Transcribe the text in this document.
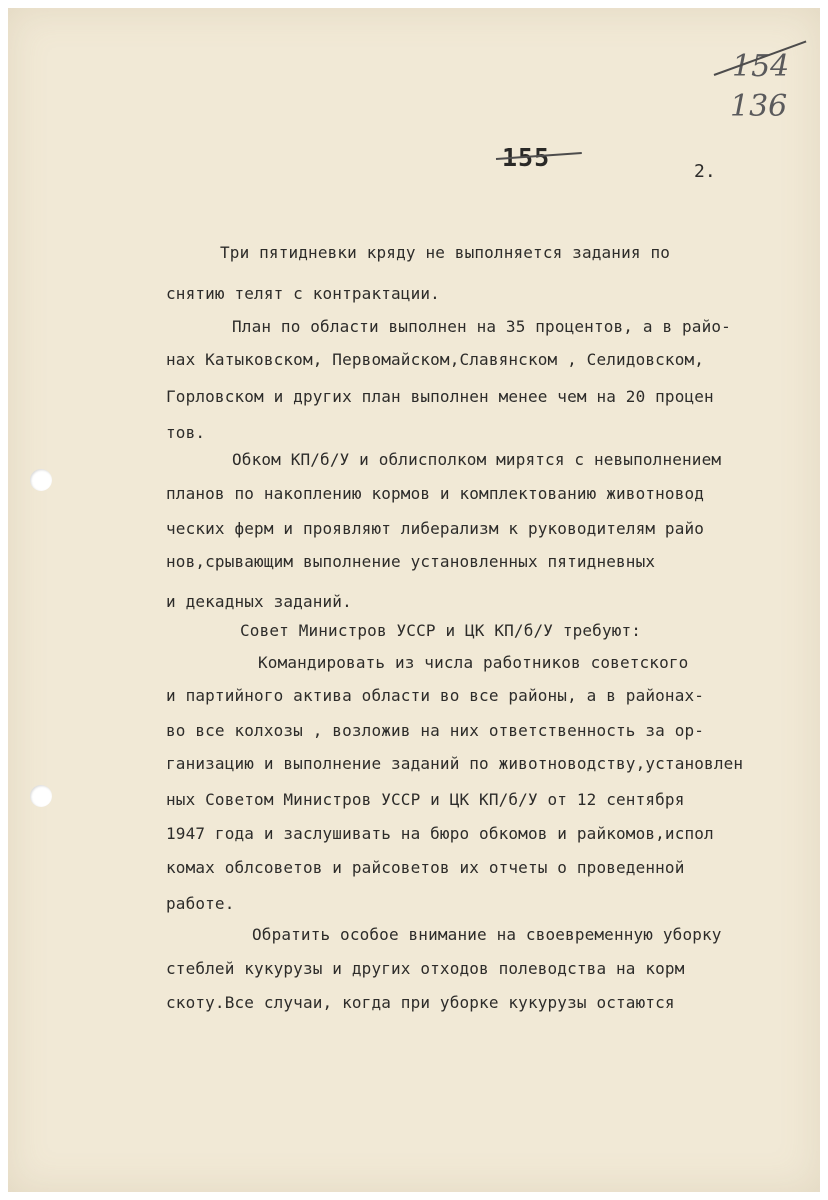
154
136
155	2.

Три пятидневки кряду не выполняется задания по

снятию телят с контрактации.

План по области выполнен на 35 процентов, а в райо-

нах Катыковском, Первомайском,Славянском , Селидовском,

Горловском и других план выполнен менее чем на 20 процен

тов.

Обком КП/б/У и облисполком мирятся с невыполнением

планов по накоплению кормов и комплектованию животновод

ческих ферм и проявляют либерализм к руководителям райо

нов,срывающим выполнение установленных пятидневных

и декадных заданий.

Совет Министров УССР и ЦК КП/б/У требуют:

Командировать из числа работников советского

и партийного актива области во все районы, а в районах-

во все колхозы , возложив на них ответственность за ор-

ганизацию и выполнение заданий по животноводству,установлен

ных Советом Министров УССР и ЦК КП/б/У от 12 сентября

1947 года и заслушивать на бюро обкомов и райкомов,испол

комах облсоветов и райсоветов их отчеты о проведенной

работе.

Обратить особое внимание на своевременную уборку

стеблей кукурузы и других отходов полеводства на корм

скоту.Все случаи, когда при уборке кукурузы остаются
